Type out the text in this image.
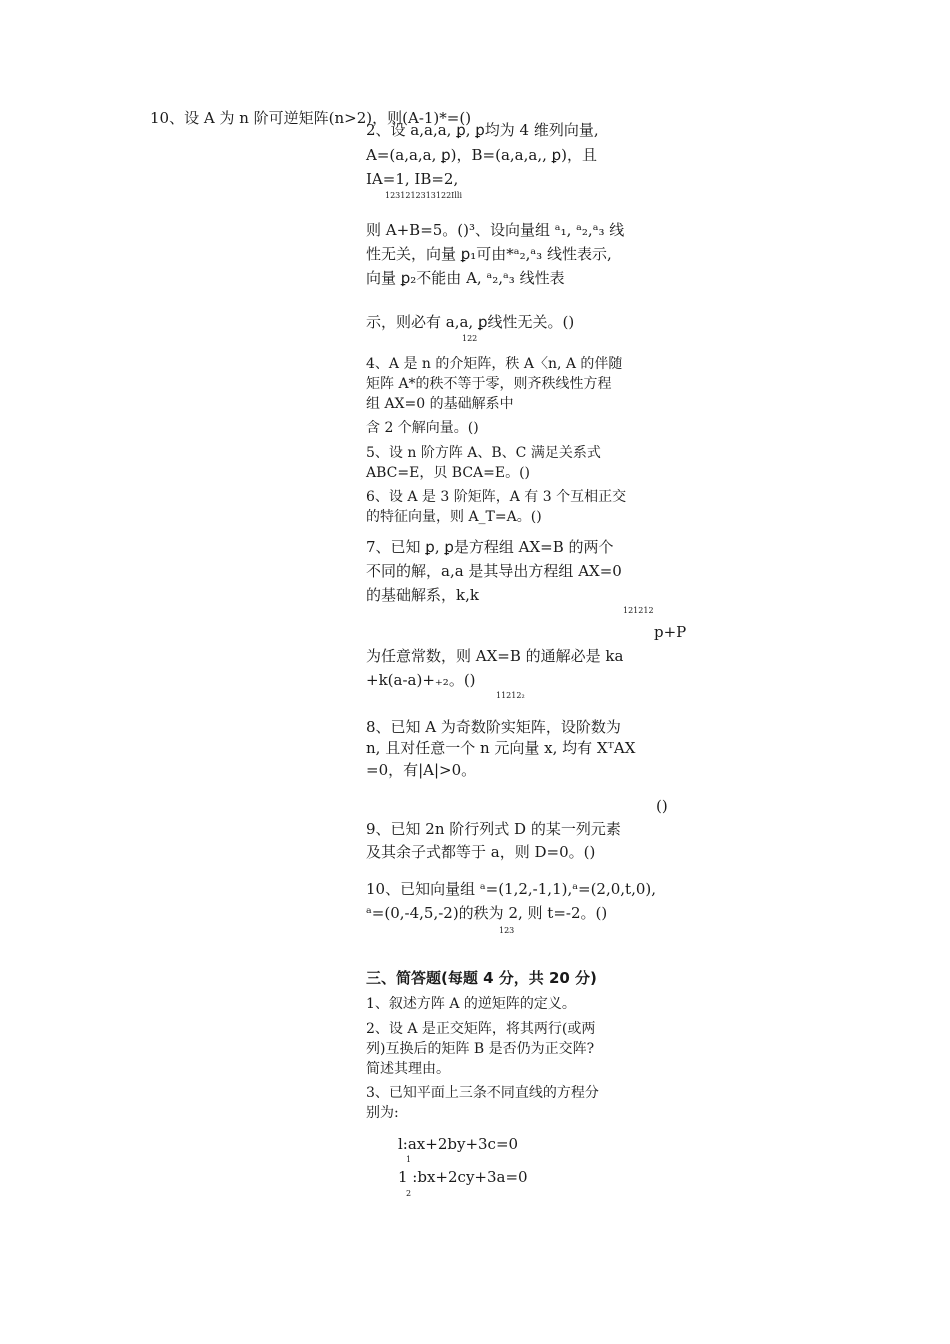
10、设 A 为 n 阶可逆矩阵(n>2)，则(A-1)*=()
2、设 a,a,a, ꝑ, ꝑ均为 4 维列向量,
A=(a,a,a, ꝑ)，B=(a,a,a,, ꝑ)，且
IA=1, IB=2,
1231212313122Illi
则 A+B=5。()³、设向量组 ᵃ₁, ᵃ₂,ᵃ₃ 线
性无关，向量 ꝑ₁可由*ᵃ₂,ᵃ₃ 线性表示,
向量 ꝑ₂不能由 A, ᵃ₂,ᵃ₃ 线性表
示，则必有 a,a, ꝑ线性无关。()
122
4、A 是 n 的介矩阵，秩 A〈n, A 的伴随
矩阵 A*的秩不等于零，则齐秩线性方程
组 AX=0 的基础解系中
含 2 个解向量。()
5、设 n 阶方阵 A、B、C 满足关系式
ABC=E，贝 BCA=E。()
6、设 A 是 3 阶矩阵，A 有 3 个互相正交
的特征向量，则 A_T=A。()
7、已知 ꝑ, ꝑ是方程组 AX=B 的两个
不同的解，a,a 是其导出方程组 AX=0
的基础解系，k,k
121212
p+P
为任意常数，则 AX=B 的通解必是 ka
+k(a-a)+₊₂。()
11212₂
8、已知 A 为奇数阶实矩阵，设阶数为
n, 且对任意一个 n 元向量 x, 均有 XᵀAX
=0，有|A|>0。
()
9、已知 2n 阶行列式 D 的某一列元素
及其余子式都等于 a，则 D=0。()
10、已知向量组 ᵃ=(1,2,-1,1),ᵃ=(2,0,t,0),
ᵃ=(0,-4,5,-2)的秩为 2, 则 t=-2。()
123
三、简答题(每题 4 分，共 20 分)
1、叙述方阵 A 的逆矩阵的定义。
2、设 A 是正交矩阵，将其两行(或两
列)互换后的矩阵 B 是否仍为正交阵?
简述其理由。
3、已知平面上三条不同直线的方程分
别为:
l:ax+2by+3c=0
1
1 :bx+2cy+3a=0
2
